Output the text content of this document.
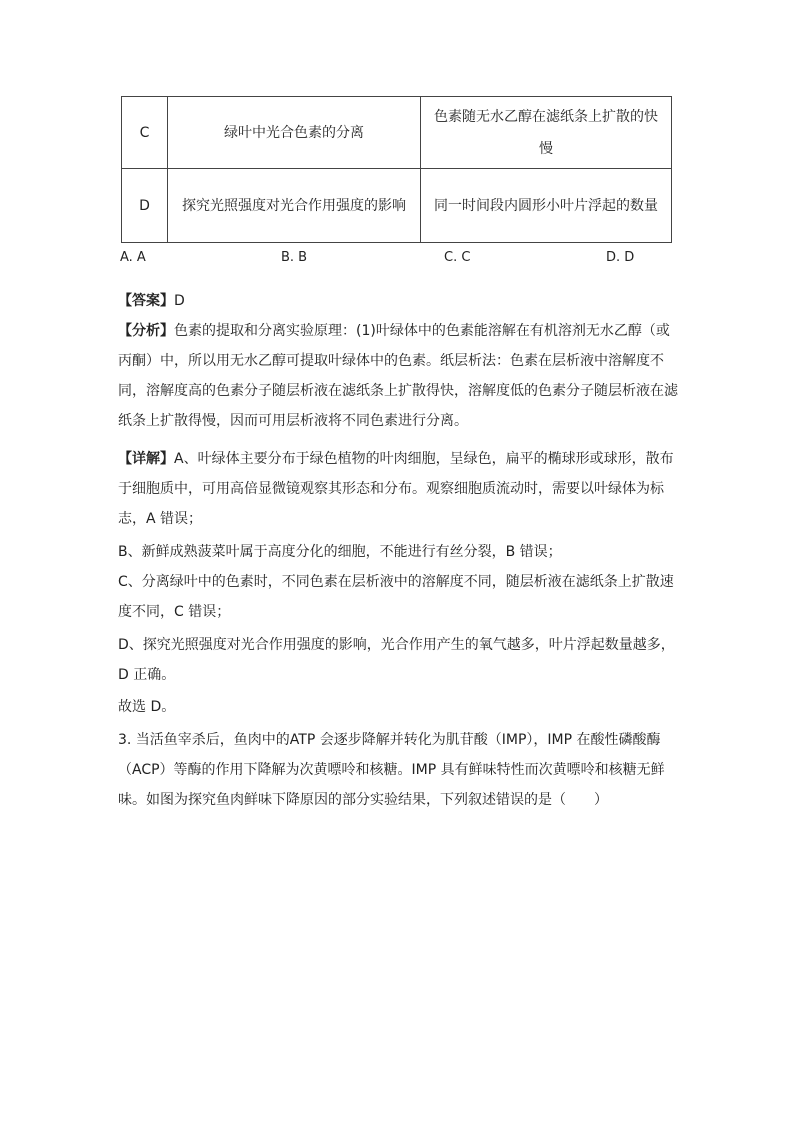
C	绿叶中光合色素的分离	色素随无水乙醇在滤纸条上扩散的快慢
D	探究光照强度对光合作用强度的影响	同一时间段内圆形小叶片浮起的数量
A. A	B. B	C. C	D. D
【答案】D
【分析】色素的提取和分离实验原理：(1)叶绿体中的色素能溶解在有机溶剂无水乙醇（或丙酮）中，所以用无水乙醇可提取叶绿体中的色素。纸层析法：色素在层析液中溶解度不同，溶解度高的色素分子随层析液在滤纸条上扩散得快，溶解度低的色素分子随层析液在滤纸条上扩散得慢，因而可用层析液将不同色素进行分离。
【详解】A、叶绿体主要分布于绿色植物的叶肉细胞，呈绿色，扁平的椭球形或球形，散布于细胞质中，可用高倍显微镜观察其形态和分布。观察细胞质流动时，需要以叶绿体为标志，A 错误；
B、新鲜成熟菠菜叶属于高度分化的细胞，不能进行有丝分裂，B 错误；
C、分离绿叶中的色素时，不同色素在层析液中的溶解度不同，随层析液在滤纸条上扩散速度不同，C 错误；
D、探究光照强度对光合作用强度的影响，光合作用产生的氧气越多，叶片浮起数量越多，D 正确。
故选 D。
3. 当活鱼宰杀后，鱼肉中的ATP 会逐步降解并转化为肌苷酸（IMP），IMP 在酸性磷酸酶（ACP）等酶的作用下降解为次黄嘌呤和核糖。IMP 具有鲜味特性而次黄嘌呤和核糖无鲜味。如图为探究鱼肉鲜味下降原因的部分实验结果，下列叙述错误的是（　　）
